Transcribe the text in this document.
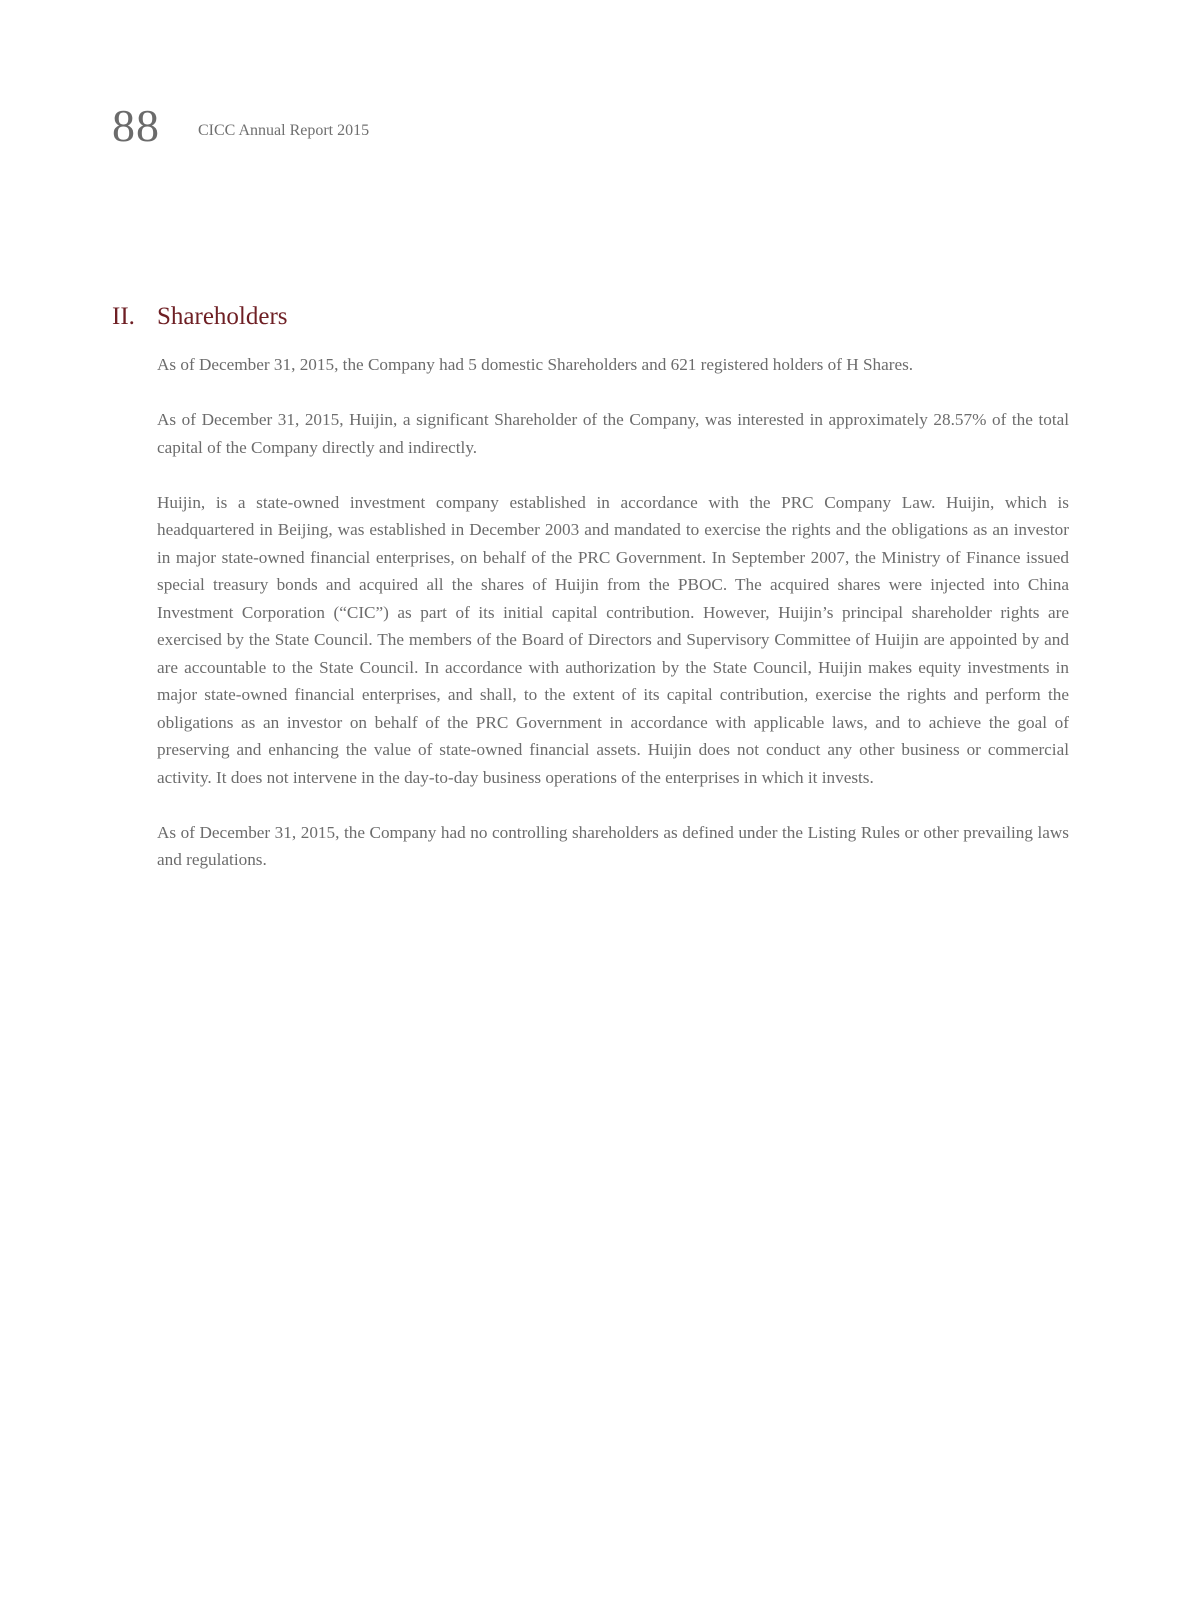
88 CICC Annual Report 2015
II. Shareholders

As of December 31, 2015, the Company had 5 domestic Shareholders and 621 registered holders of H Shares.

As of December 31, 2015, Huijin, a significant Shareholder of the Company, was interested in approximately 28.57% of the total capital of the Company directly and indirectly.

Huijin, is a state-owned investment company established in accordance with the PRC Company Law. Huijin, which is headquartered in Beijing, was established in December 2003 and mandated to exercise the rights and the obligations as an investor in major state-owned financial enterprises, on behalf of the PRC Government. In September 2007, the Ministry of Finance issued special treasury bonds and acquired all the shares of Huijin from the PBOC. The acquired shares were injected into China Investment Corporation (“CIC”) as part of its initial capital contribution. However, Huijin’s principal shareholder rights are exercised by the State Council. The members of the Board of Directors and Supervisory Committee of Huijin are appointed by and are accountable to the State Council. In accordance with authorization by the State Council, Huijin makes equity investments in major state-owned financial enterprises, and shall, to the extent of its capital contribution, exercise the rights and perform the obligations as an investor on behalf of the PRC Government in accordance with applicable laws, and to achieve the goal of preserving and enhancing the value of state-owned financial assets. Huijin does not conduct any other business or commercial activity. It does not intervene in the day-to-day business operations of the enterprises in which it invests.

As of December 31, 2015, the Company had no controlling shareholders as defined under the Listing Rules or other prevailing laws and regulations.
